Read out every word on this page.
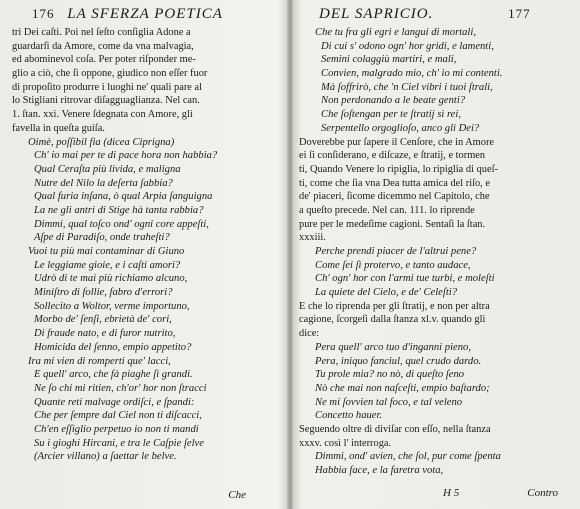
176 LA SFERZA POETICA
tri Dei caſti. Poi nel ſeſto conſiglia Adone a
guardarſi da Amore, come da vna malvagia,
ed abominevol coſa. Per poter riſponder me-
glio a ciò, che ſi oppone, giudico non eſſer fuor
di propoſito produrre i luoghi ne' quali pare al
lo Stigliani ritrovar diſagguaglianza. Nel can.
1. ſtan. xxi. Venere ſdegnata con Amore, gli
favella in queſta guiſa.
Oimè, poſſibil fia (dicea Ciprigna)
Ch' io mai per te di pace hora non habbia?
Qual Ceraſta più livida, e maligna
Nutre del Nilo la deſerta ſabbia?
Qual furia inſana, ò qual Arpia ſanguigna
La ne gli antri di Stige hà tanta rabbia?
Dimmi, qual toſco ond' ogni core appeſti,
Aſpe di Paradiſo, onde traheſti?
Vuoi tu più mai contaminar di Giuno
Le leggiame gioie, e i caſti amori?
Udrò di te mai più richiamo alcuno,
Miniſtro di follie, fabro d'errori?
Sollecito a Woltor, verme importuno,
Morbo de' ſenſi, ebrietà de' cori,
Di fraude nato, e di furor nutrito,
Homicida del ſenno, empio appetito?
Ira mi vien di romperti que' lacci,
E quell' arco, che fà piaghe ſì grandi.
Ne ſo chi mi ritien, ch'or' hor non ſtracci
Quante reti malvage ordiſci, e ſpandi:
Che per ſempre dal Ciel non ti diſcacci,
Ch'en eſſiglio perpetuo io non ti mandi
Su i gioghi Hircani, e tra le Caſpie ſelve
(Arcier villano) a ſaettar le belve.
Che
DEL SAPRICIO.	177
Che tu fra gli egri e langui di mortali,
Di cui s' odono ogn' hor gridi, e lamenti,
Semini colaggiù martiri, e mali,
Convien, malgrado mio, ch' io mi contenti.
Mà ſoffrirò, che 'n Ciel vibri i tuoi ſtrali,
Non perdonando a le beate genti?
Che ſoſtengan per te ſtratij sì rei,
Serpentello orgoglioſo, anco gli Dei?
Doverebbe pur ſapere il Cenſore, che in Amore
ei ſi conſiderano, e diſcaze, e ſtratij, e tormen
ti, Quando Venere lo ripiglia, lo ripiglia di queſ-
ti, come che ſia vna Dea tutta amica del riſo, e
de' piaceri, ſicome dicemmo nel Capitolo, che
a queſto precede. Nel can. 111. lo riprende
pure per le medeſime cagioni. Sentaſi la ſtan.
xxxiii.
Perche prendi piacer de l'altrui pene?
Come ſei ſì protervo, e tanto audace,
Ch' ogn' hor con l'armi tue turbi, e moleſti
La quiete del Cielo, e de' Celeſti?
E che lo riprenda per gli ſtratij, e non per altra
cagione, ſcorgeſi dalla ſtanza xl.v. quando gli
dice:
Pera quell' arco tuo d'inganni pieno,
Pera, iniquo fanciul, quel crudo dardo.
Tu prole mia? no nò, di queſto ſeno
Nò che mai non naſceſti, empio baſtardo;
Ne mi ſovvien tal foco, e tal veleno
Concetto hauer.
Seguendo oltre di diviſar con eſſo, nella ſtanza
xxxv. così l' interroga.
Dimmi, ond' avien, che ſol, pur come ſpenta
Habbia face, e la faretra vota,
H 5	Contro
